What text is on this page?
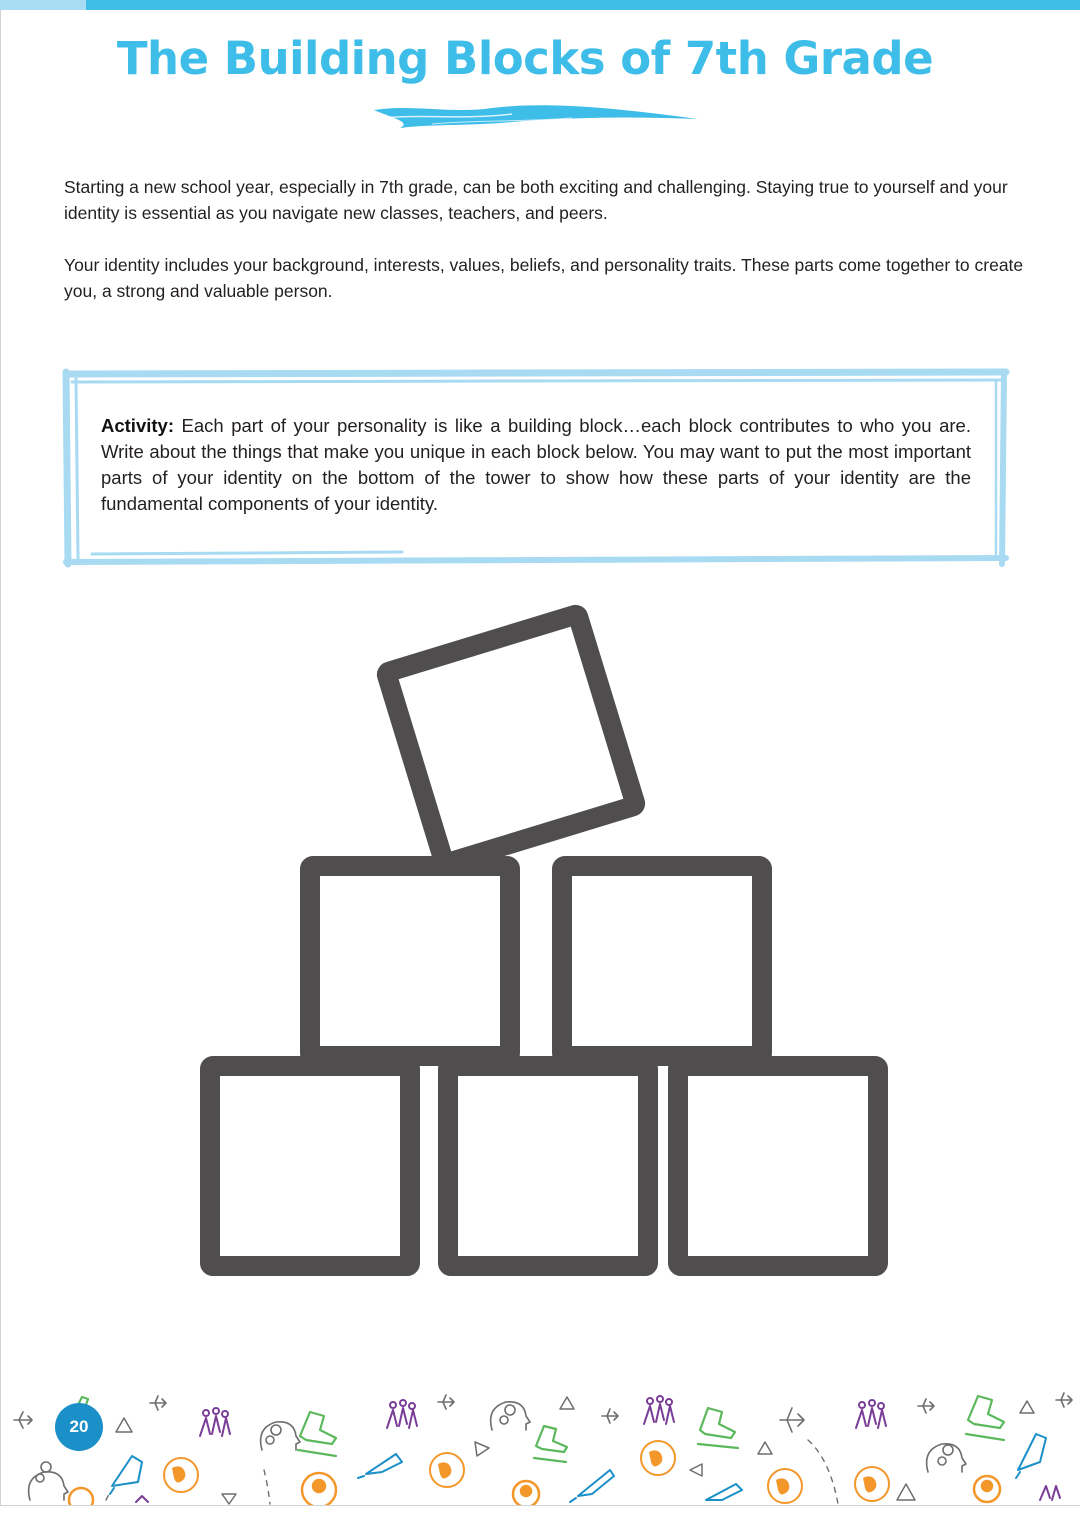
The Building Blocks of 7th Grade

Starting a new school year, especially in 7th grade, can be both exciting and challenging. Staying true to yourself and your identity is essential as you navigate new classes, teachers, and peers.

Your identity includes your background, interests, values, beliefs, and personality traits. These parts come together to create you, a strong and valuable person.

Activity: Each part of your personality is like a building block…each block contributes to who you are. Write about the things that make you unique in each block below. You may want to put the most important parts of your identity on the bottom of the tower to show how these parts of your identity are the fundamental components of your identity.

20
